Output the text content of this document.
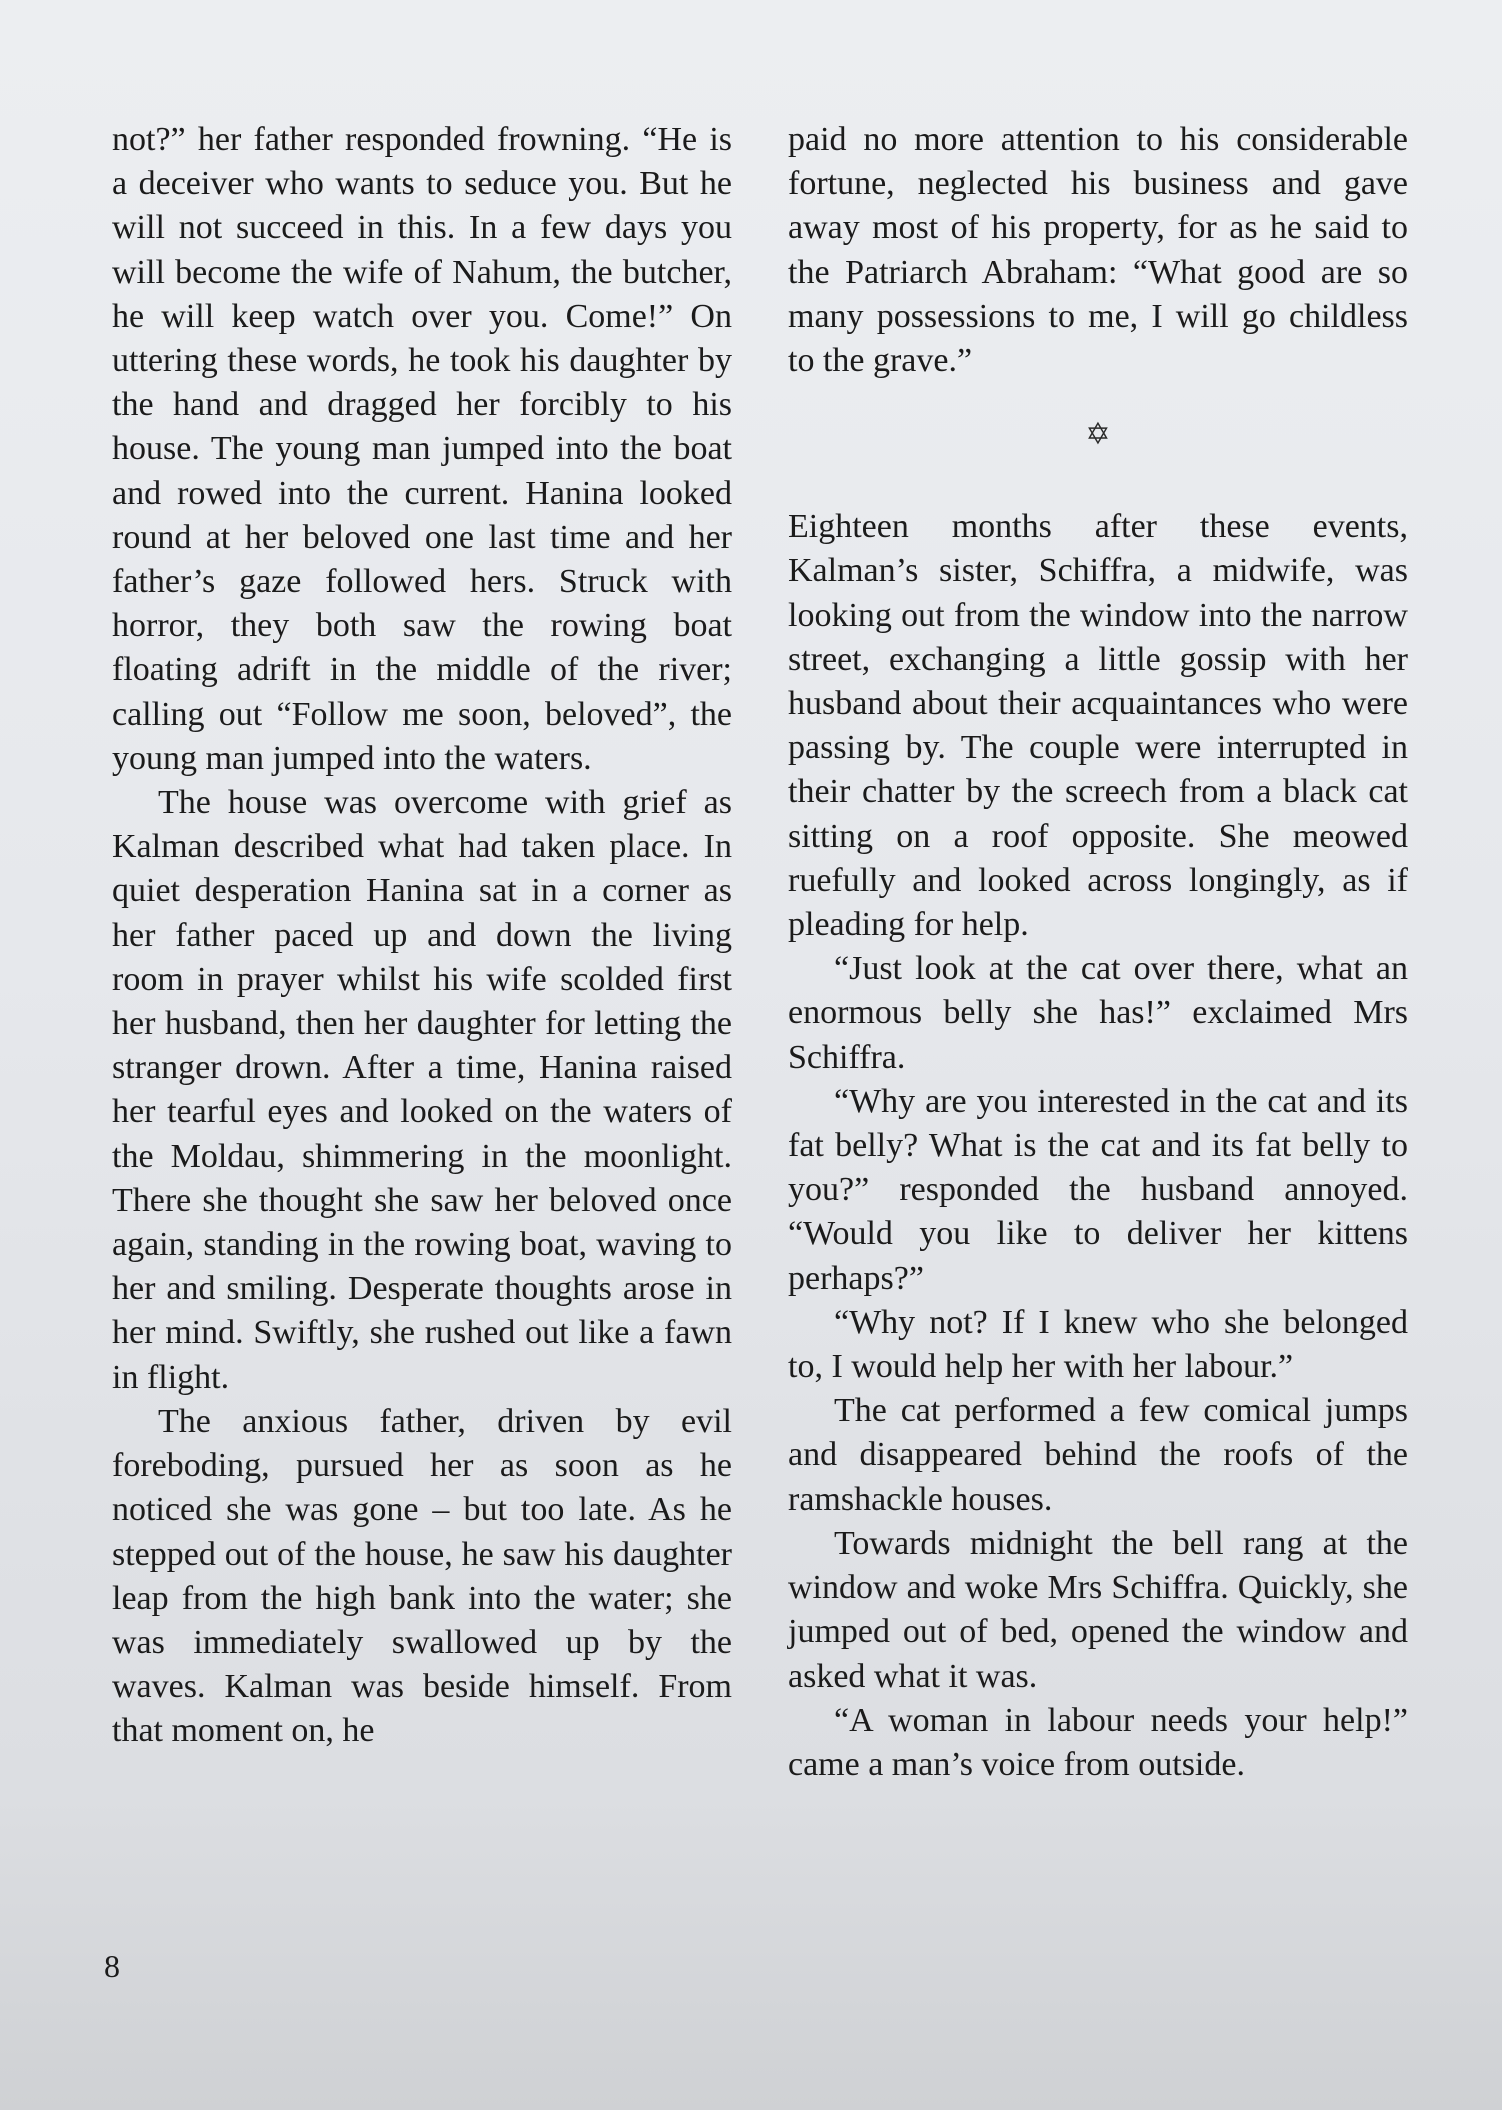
not?” her father responded frowning. “He is a deceiver who wants to seduce you. But he will not succeed in this. In a few days you will become the wife of Nahum, the butcher, he will keep watch over you. Come!” On uttering these words, he took his daughter by the hand and dragged her forcibly to his house. The young man jumped into the boat and rowed into the current. Hanina looked round at her beloved one last time and her father’s gaze followed hers. Struck with horror, they both saw the rowing boat floating adrift in the middle of the river; calling out “Follow me soon, beloved”, the young man jumped into the waters.

The house was overcome with grief as Kalman described what had taken place. In quiet desperation Hanina sat in a corner as her father paced up and down the living room in prayer whilst his wife scolded first her husband, then her daughter for letting the stranger drown. After a time, Hanina raised her tearful eyes and looked on the waters of the Moldau, shimmering in the moonlight. There she thought she saw her beloved once again, standing in the rowing boat, waving to her and smiling. Desperate thoughts arose in her mind. Swiftly, she rushed out like a fawn in flight.

The anxious father, driven by evil foreboding, pursued her as soon as he noticed she was gone – but too late. As he stepped out of the house, he saw his daughter leap from the high bank into the water; she was immediately swallowed up by the waves. Kalman was beside himself. From that moment on, he

paid no more attention to his considerable fortune, neglected his business and gave away most of his property, for as he said to the Patriarch Abraham: “What good are so many possessions to me, I will go childless to the grave.”

✡

Eighteen months after these events, Kalman’s sister, Schiffra, a midwife, was looking out from the window into the narrow street, exchanging a little gossip with her husband about their acquaintances who were passing by. The couple were interrupted in their chatter by the screech from a black cat sitting on a roof opposite. She meowed ruefully and looked across longingly, as if pleading for help.

“Just look at the cat over there, what an enormous belly she has!” exclaimed Mrs Schiffra.

“Why are you interested in the cat and its fat belly? What is the cat and its fat belly to you?” responded the husband annoyed. “Would you like to deliver her kittens perhaps?”

“Why not? If I knew who she belonged to, I would help her with her labour.”

The cat performed a few comical jumps and disappeared behind the roofs of the ramshackle houses.

Towards midnight the bell rang at the window and woke Mrs Schiffra. Quickly, she jumped out of bed, opened the window and asked what it was.

“A woman in labour needs your help!” came a man’s voice from outside.

8
